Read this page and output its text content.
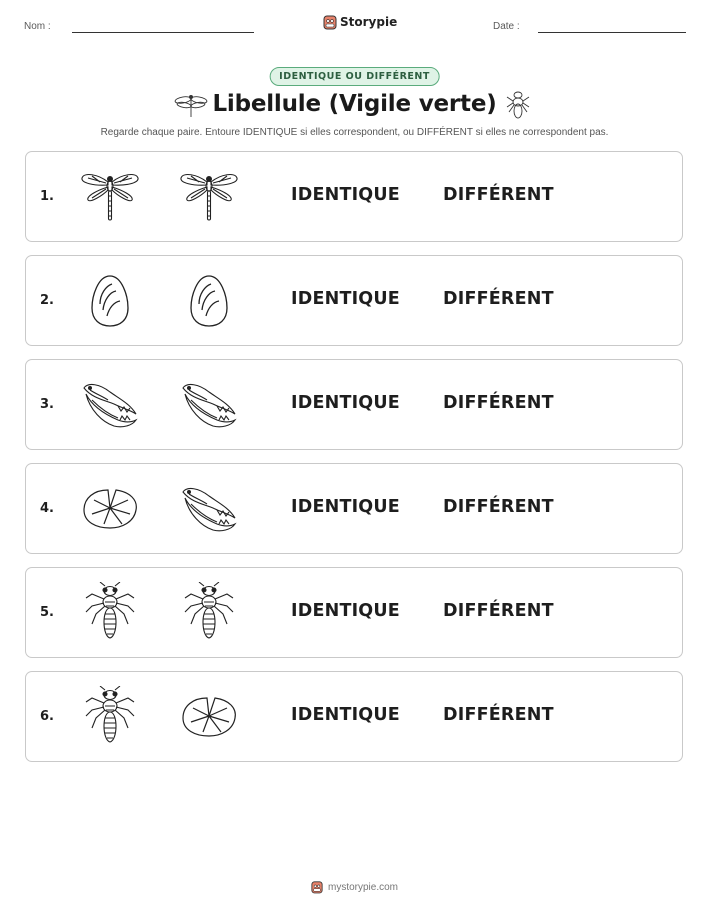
Nom :	Storypie	Date :
IDENTIQUE OU DIFFÉRENT
Libellule (Vigile verte)
Regarde chaque paire. Entoure IDENTIQUE si elles correspondent, ou DIFFÉRENT si elles ne correspondent pas.
1.	IDENTIQUE DIFFÉRENT
2.	IDENTIQUE DIFFÉRENT
3.	IDENTIQUE DIFFÉRENT
4.	IDENTIQUE DIFFÉRENT
5.	IDENTIQUE DIFFÉRENT
6.	IDENTIQUE DIFFÉRENT
mystorypie.com
